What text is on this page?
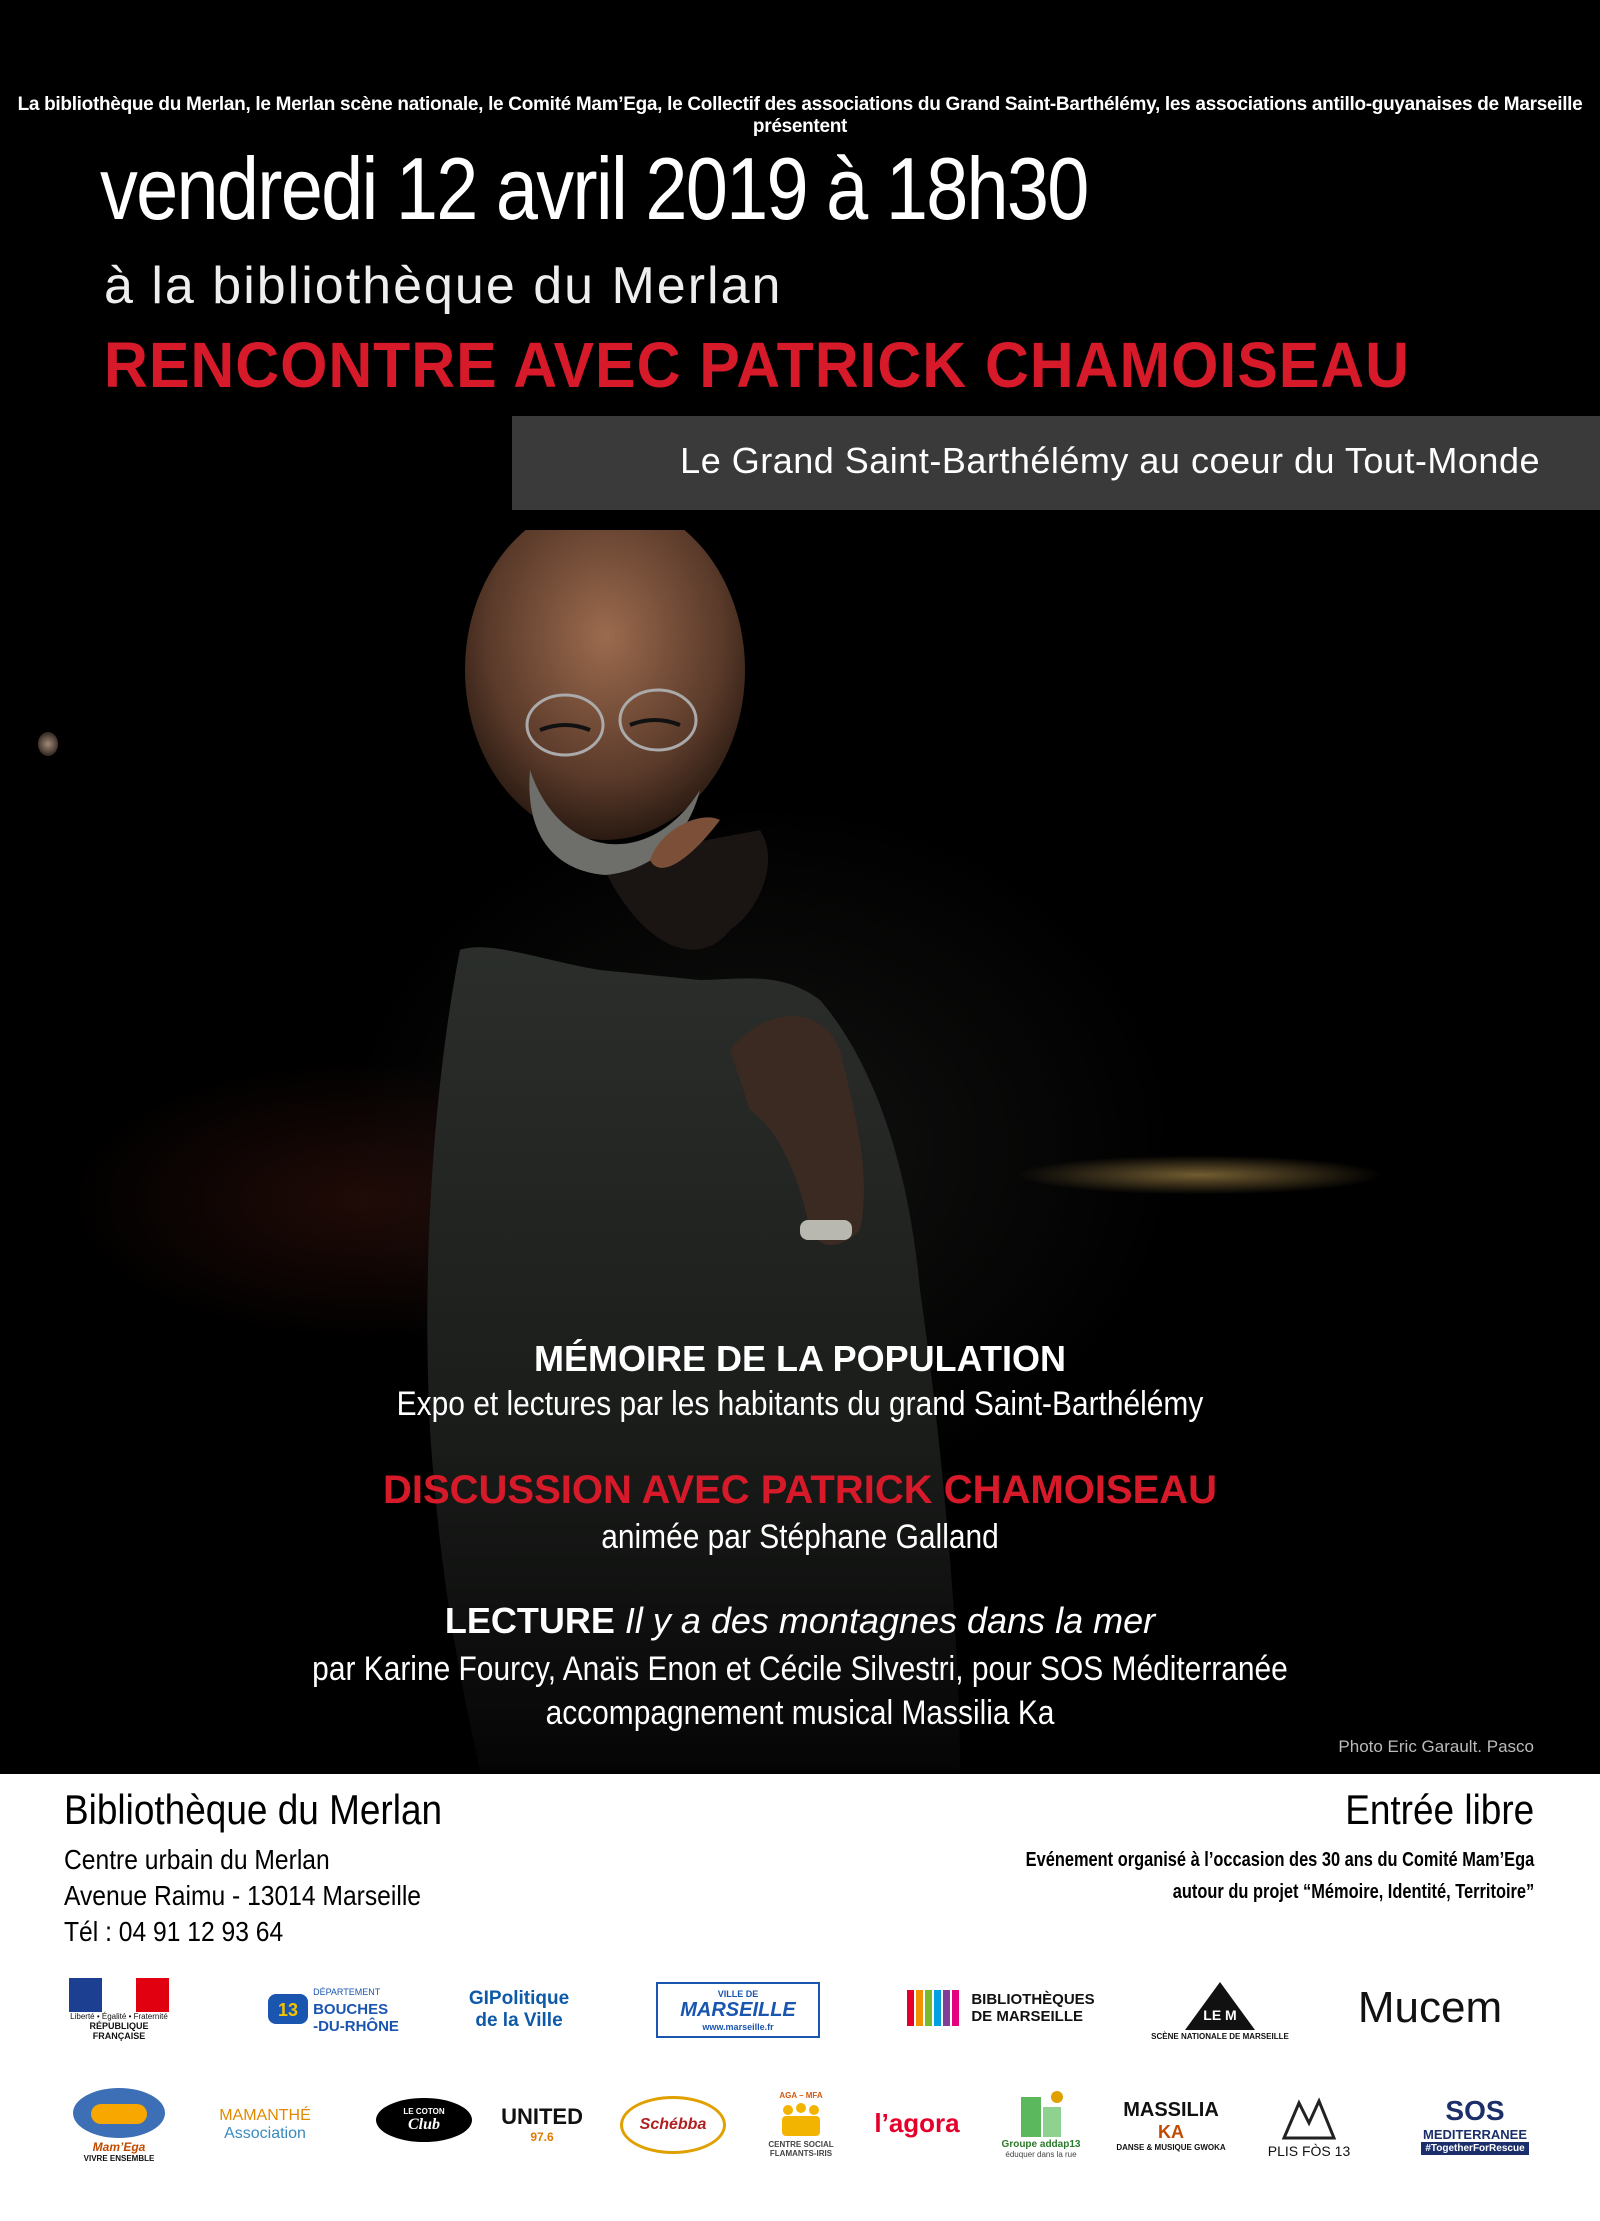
La bibliothèque du Merlan, le Merlan scène nationale, le Comité Mam’Ega, le Collectif des associations du Grand Saint-Barthélémy, les associations antillo-guyanaises de Marseille présentent
vendredi 12 avril 2019 à 18h30
à la bibliothèque du Merlan
RENCONTRE AVEC PATRICK CHAMOISEAU
Le Grand Saint-Barthélémy au coeur du Tout-Monde
MÉMOIRE DE LA POPULATION
Expo et lectures par les habitants du grand Saint-Barthélémy
DISCUSSION AVEC PATRICK CHAMOISEAU
animée par Stéphane Galland
LECTURE Il y a des montagnes dans la mer
par Karine Fourcy, Anaïs Enon et Cécile Silvestri, pour SOS Méditerranée
accompagnement musical Massilia Ka
Photo Eric Garault. Pasco
Bibliothèque du Merlan
Centre urbain du Merlan
Avenue Raimu - 13014 Marseille
Tél : 04 91 12 93 64
Entrée libre
Evénement organisé à l’occasion des 30 ans du Comité Mam’Ega
autour du projet “Mémoire, Identité, Territoire”
Liberté • Égalité • Fraternité
RÉPUBLIQUE FRANÇAISE
13
DÉPARTEMENT
BOUCHES
-DU-RHÔNE
GIPolitique
de la Ville
VILLE DE
MARSEILLE
www.marseille.fr
BIBLIOTHÈQUES
DE MARSEILLE	LE M
SCÈNE NATIONALE DE MARSEILLE
Mucem
Mam’Ega
VIVRE ENSEMBLE
MAMANTHÉ
Association
LE COTON
Club	UNITED
97.6
Schébba
AGA – MFA
CENTRE SOCIAL
FLAMANTS-IRIS
l’agora
Groupe addap13
éduquer dans la rue
MASSILIA
KA
DANSE & MUSIQUE GWOKA	PLIS FÒS 13
SOS
MEDITERRANEE
#TogetherForRescue
